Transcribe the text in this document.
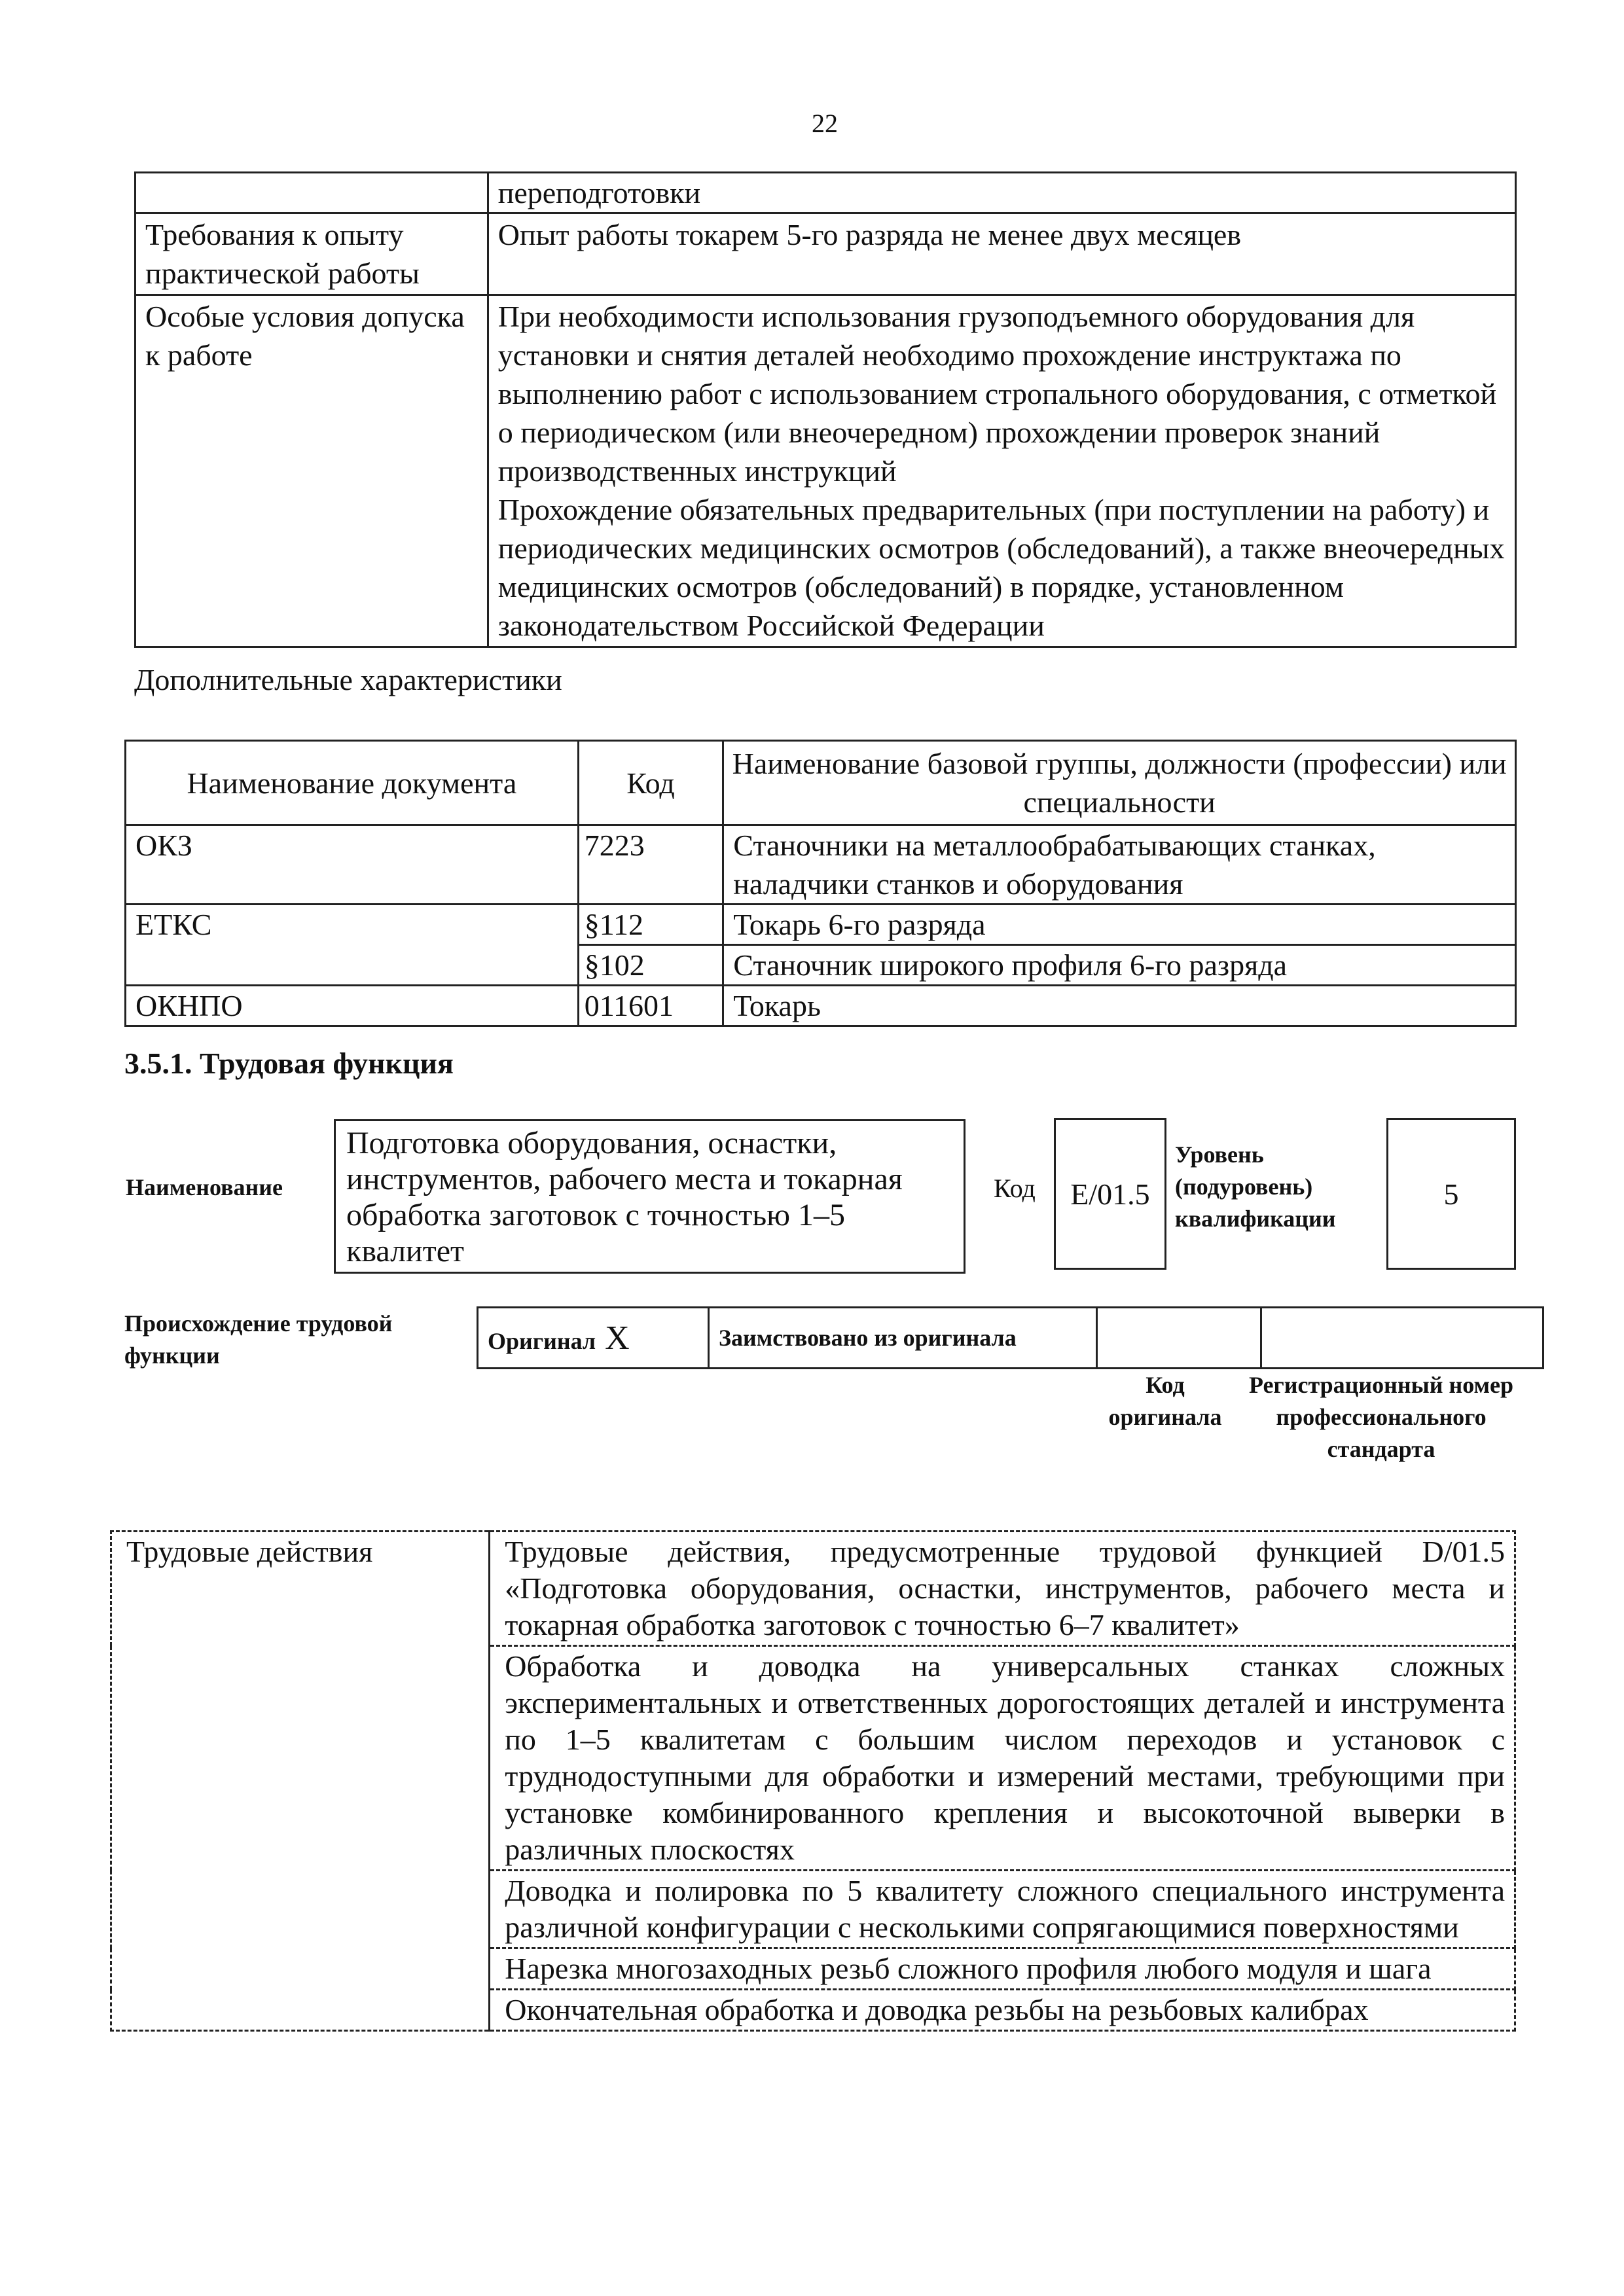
22
	переподготовки
Требования к опыту практической работы	Опыт работы токарем 5-го разряда не менее двух месяцев
Особые условия допуска к работе	При необходимости использования грузоподъемного оборудования для установки и снятия деталей необходимо прохождение инструктажа по выполнению работ с использованием стропального оборудования, с отметкой о периодическом (или внеочередном) прохождении проверок знаний производственных инструкций
Прохождение обязательных предварительных (при поступлении на работу) и периодических медицинских осмотров (обследований), а также внеочередных медицинских осмотров (обследований) в порядке, установленном законодательством Российской Федерации
Дополнительные характеристики
Наименование документа	Код	Наименование базовой группы, должности (профессии) или специальности
ОКЗ	7223	Станочники на металлообрабатывающих станках, наладчики станков и оборудования
ЕТКС	§112	Токарь 6-го разряда
	§102	Станочник широкого профиля 6-го разряда
ОКНПО	011601	Токарь
3.5.1. Трудовая функция
Наименование
Подготовка оборудования, оснастки, инструментов, рабочего места и токарная обработка заготовок с точностью 1–5 квалитет
Код	E/01.5
Уровень (подуровень) квалификации
5
Происхождение трудовой функции
Оригинал X	Заимствовано из оригинала		
Код оригинала
Регистрационный номер профессионального стандарта
Трудовые действия	Трудовые действия, предусмотренные трудовой функцией D/01.5 «Подготовка оборудования, оснастки, инструментов, рабочего места и токарная обработка заготовок с точностью 6–7 квалитет»
Обработка и доводка на универсальных станках сложных экспериментальных и ответственных дорогостоящих деталей и инструмента по 1–5 квалитетам с большим числом переходов и установок с труднодоступными для обработки и измерений местами, требующими при установке комбинированного крепления и высокоточной выверки в различных плоскостях
Доводка и полировка по 5 квалитету сложного специального инструмента различной конфигурации с несколькими сопрягающимися поверхностями
Нарезка многозаходных резьб сложного профиля любого модуля и шага
Окончательная обработка и доводка резьбы на резьбовых калибрах
